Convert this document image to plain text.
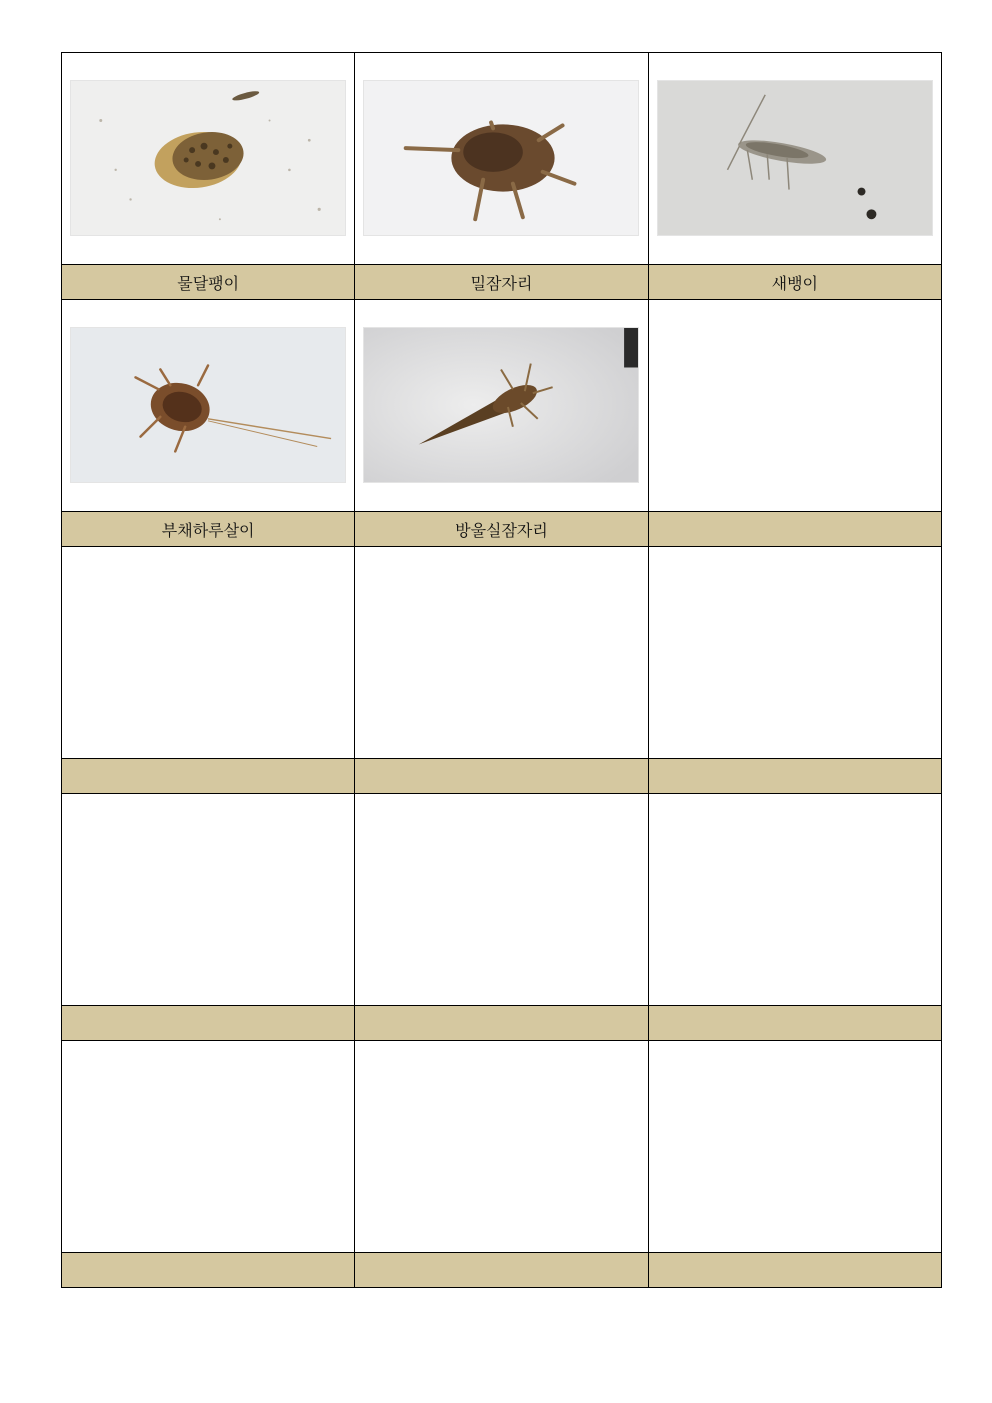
물달팽이	밀잠자리	새뱅이
부채하루살이	방울실잠자리
